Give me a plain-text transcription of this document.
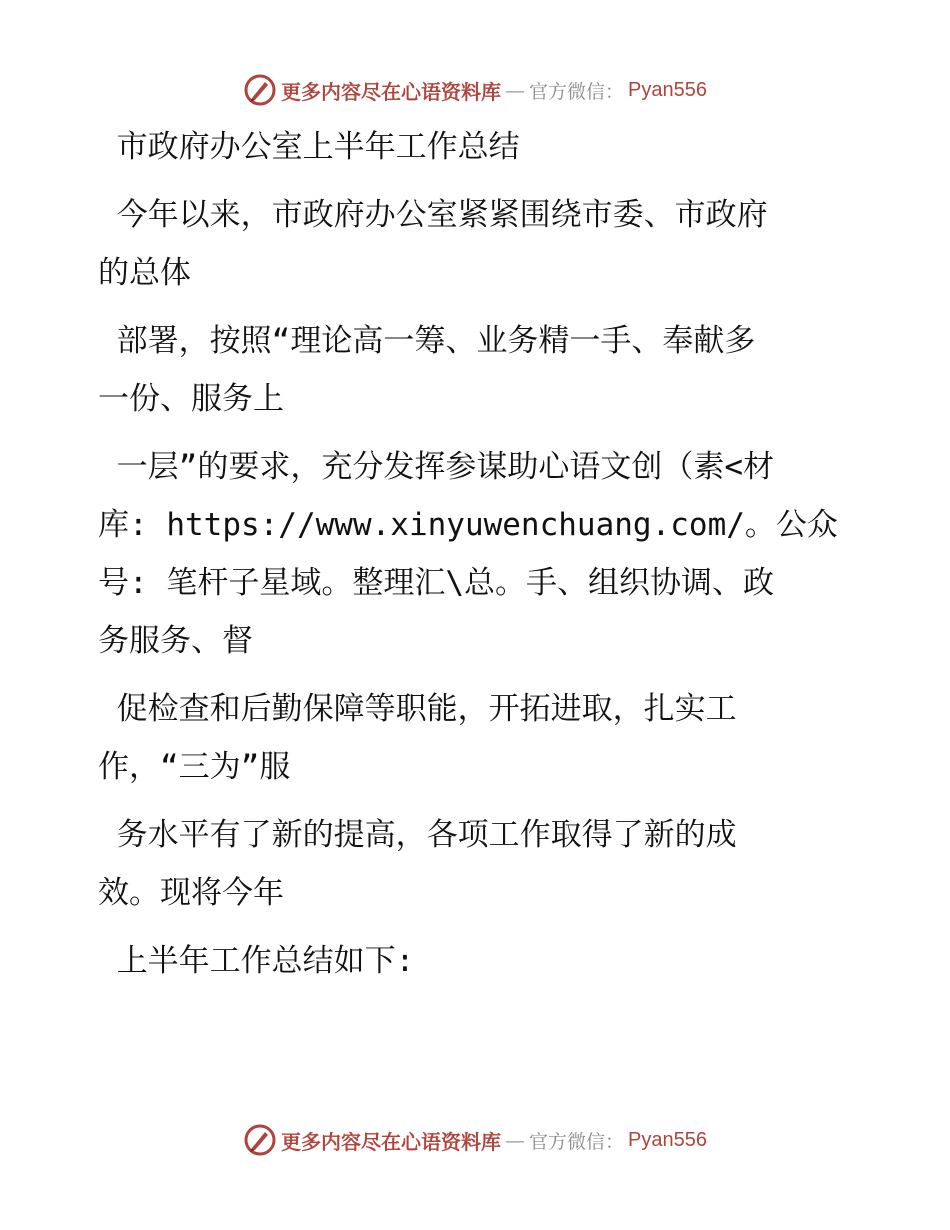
更多内容尽在心语资料库 — 官方微信： Pyan556
市政府办公室上半年工作总结
今年以来，市政府办公室紧紧围绕市委、市政府
的总体
部署，按照“理论高一筹、业务精一手、奉献多
一份、服务上
一层”的要求，充分发挥参谋助心语文创（素<材
库: https://www.xinyuwenchuang.com/。公众
号: 笔杆子星域。整理汇\总。手、组织协调、政
务服务、督
促检查和后勤保障等职能，开拓进取，扎实工
作，“三为”服
务水平有了新的提高，各项工作取得了新的成
效。现将今年
上半年工作总结如下:
更多内容尽在心语资料库 — 官方微信： Pyan556
